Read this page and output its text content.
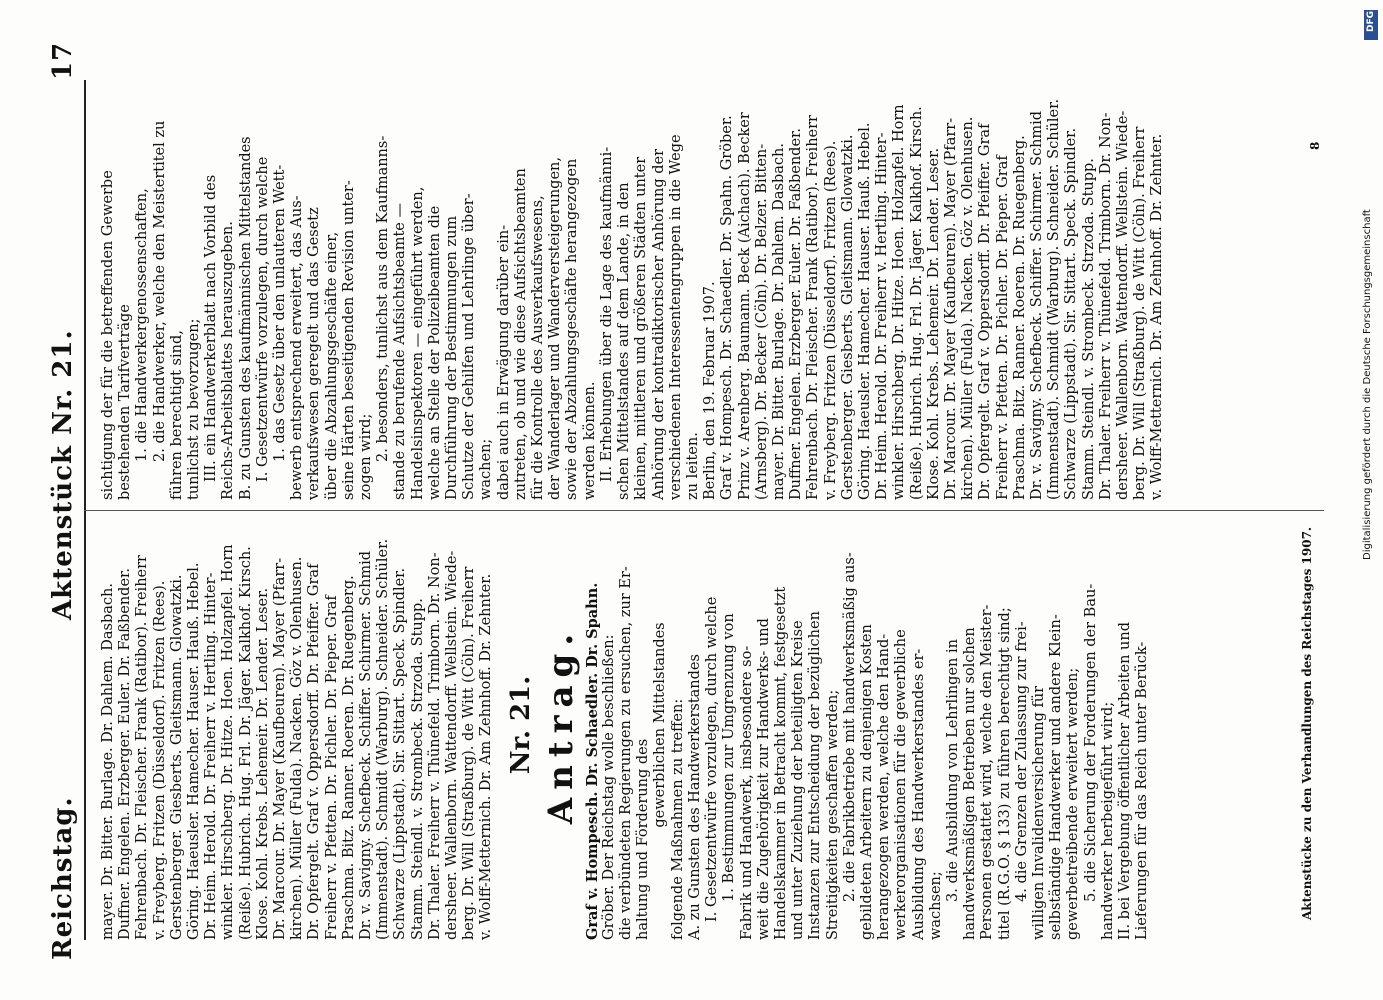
Reichstag.
Aktenstück Nr. 21.
17
mayer. Dr. Bitter. Burlage. Dr. Dahlem. Dasbach. Duffner. Engelen. Erzberger. Euler. Dr. Faßbender. Fehrenbach. Dr. Fleischer. Frank (Ratibor). Freiherr v. Freyberg. Fritzen (Düsseldorf). Fritzen (Rees). Gerstenberger. Giesberts. Gleitsmann. Glowatzki. Göring. Haeusler. Hamecher. Hauser. Hauß. Hebel. Dr. Heim. Herold. Dr. Freiherr v. Hertling. Hinter- winkler. Hirschberg. Dr. Hitze. Hoen. Holzapfel. Horn (Reiße). Hubrich. Hug. Frl. Dr. Jäger. Kalkhof. Kirsch. Klose. Kohl. Krebs. Lehemeir. Dr. Lender. Leser. Dr. Marcour. Dr. Mayer (Kaufbeuren). Mayer (Pfarr- kirchen). Müller (Fulda). Nacken. Göz v. Olenhusen. Dr. Opfergelt. Graf v. Oppersdorff. Dr. Pfeiffer. Graf Freiherr v. Pfetten. Dr. Pichler. Dr. Pieper. Graf Praschma. Bitz. Ranner. Roeren. Dr. Ruegenberg. Dr. v. Savigny. Schefbeck. Schiffer. Schirmer. Schmid (Immenstadt). Schmidt (Warburg). Schneider. Schüler. Schwarze (Lippstadt). Sir. Sittart. Speck. Spindler. Stamm. Steindl. v. Strombeck. Strzoda. Stupp. Dr. Thaler. Freiherr v. Thünefeld. Trimborn. Dr. Non- dersheer. Wallenborn. Wattendorff. Wellstein. Wiede- berg. Dr. Will (Straßburg). de Witt (Cöln). Freiherr v. Wolff-Metternich. Dr. Am Zehnhoff. Dr. Zehnter. Nr. 21. Antrag. Graf v. Hompesch. Dr. Schaedler. Dr. Spahn. Gröber. Der Reichstag wolle beschließen: die verbündeten Regierungen zu ersuchen, zur Er- haltung und Förderung des
gewerblichen Mittelstandes folgende Maßnahmen zu treffen: A. zu Gunsten des Handwerkerstandes I. Gesetzentwürfe vorzulegen, durch welche 1. Bestimmungen zur Umgrenzung von Fabrik und Handwerk, insbesondere so- weit die Zugehörigkeit zur Handwerks- und Handelskammer in Betracht kommt, festgesetzt und unter Zuziehung der beteiligten Kreise Instanzen zur Entscheidung der bezüglichen Streitigkeiten geschaffen werden; 2. die Fabrikbetriebe mit handwerksmäßig aus- gebildeten Arbeitern zu denjenigen Kosten herangezogen werden, welche den Hand- werkerorganisationen für die gewerbliche Ausbildung des Handwerkerstandes er- wachsen;
3. die Ausbildung von Lehrlingen in handwerksmäßigen Betrieben nur solchen Personen gestattet wird, welche den Meister- titel (R.G.O. § 133) zu führen berechtigt sind; 4. die Grenzen der Zulassung zur frei- willigen Invalidenversicherung für selbständige Handwerker und andere Klein- gewerbetreibende erweitert werden; 5. die Sicherung der Forderungen der Bau- handwerker herbeigeführt wird; II. bei Vergebung öffentlicher Arbeiten und Lieferungen für das Reich unter Berück-	Aktenstücke zu den Verhandlungen des Reichstages 1907.
8
sichtigung der für die betreffenden Gewerbe bestehenden Tarifverträge 1. die Handwerkergenossenschaften, 2. die Handwerker, welche den Meistertitel zu führen berechtigt sind, tunlichst zu bevorzugen; III. ein Handwerkerblatt nach Vorbild des Reichs-Arbeitsblattes herauszugeben. B. zu Gunsten des kaufmännischen Mittelstandes I. Gesetzentwürfe vorzulegen, durch welche 1. das Gesetz über den unlauteren Wett- bewerb entsprechend erweitert, das Aus- verkaufswesen geregelt und das Gesetz über die Abzahlungsgeschäfte einer, seine Härten beseitigenden Revision unter- zogen wird; 2. besonders, tunlichst aus dem Kaufmanns- stande zu berufende Aufsichtsbeamte — Handelsinspektoren — eingeführt werden, welche an Stelle der Polizeibeamten die Durchführung der Bestimmungen zum Schutze der Gehilfen und Lehrlinge über- wachen; dabei auch in Erwägung darüber ein- zutreten, ob und wie diese Aufsichtsbeamten für die Kontrolle des Ausverkaufswesens, der Wanderlager und Wanderversteigerungen, sowie der Abzahlungsgeschäfte herangezogen werden können. II. Erhebungen über die Lage des kaufmänni- schen Mittelstandes auf dem Lande, in den kleinen, mittleren und größeren Städten unter Anhörung der kontradiktorischer Anhörung der verschiedenen Interessentengruppen in die Wege zu leiten. Berlin, den 19. Februar 1907. Graf v. Hompesch. Dr. Schaedler. Dr. Spahn. Gröber. Prinz v. Arenberg. Baumann. Beck (Aichach). Becker (Arnsberg). Dr. Becker (Cöln). Dr. Belzer. Bitten- mayer. Dr. Bitter. Burlage. Dr. Dahlem. Dasbach. Duffner. Engelen. Erzberger. Euler. Dr. Faßbender. Fehrenbach. Dr. Fleischer. Frank (Ratibor). Freiherr v. Freyberg. Fritzen (Düsseldorf). Fritzen (Rees). Gerstenberger. Giesberts. Gleitsmann. Glowatzki. Göring. Haeusler. Hamecher. Hauser. Hauß. Hebel. Dr. Heim. Herold. Dr. Freiherr v. Hertling. Hinter- winkler. Hirschberg. Dr. Hitze. Hoen. Holzapfel. Horn (Reiße). Hubrich. Hug. Frl. Dr. Jäger. Kalkhof. Kirsch. Klose. Kohl. Krebs. Lehemeir. Dr. Lender. Leser. Dr. Marcour. Dr. Mayer (Kaufbeuren). Mayer (Pfarr- kirchen). Müller (Fulda). Nacken. Göz v. Olenhusen. Dr. Opfergelt. Graf v. Oppersdorff. Dr. Pfeiffer. Graf Freiherr v. Pfetten. Dr. Pichler. Dr. Pieper. Graf Praschma. Bitz. Ranner. Roeren. Dr. Ruegenberg. Dr. v. Savigny. Schefbeck. Schiffer. Schirmer. Schmid (Immenstadt). Schmidt (Warburg). Schneider. Schüler. Schwarze (Lippstadt). Sir. Sittart. Speck. Spindler. Stamm. Steindl. v. Strombeck. Strzoda. Stupp. Dr. Thaler. Freiherr v. Thünefeld. Trimborn. Dr. Non- dersheer. Wallenborn. Wattendorff. Wellstein. Wiede- berg. Dr. Will (Straßburg). de Witt (Cöln). Freiherr v. Wolff-Metternich. Dr. Am Zehnhoff. Dr. Zehnter.	Digitalisierung gefördert durch die Deutsche Forschungsgemeinschaft
DFG
